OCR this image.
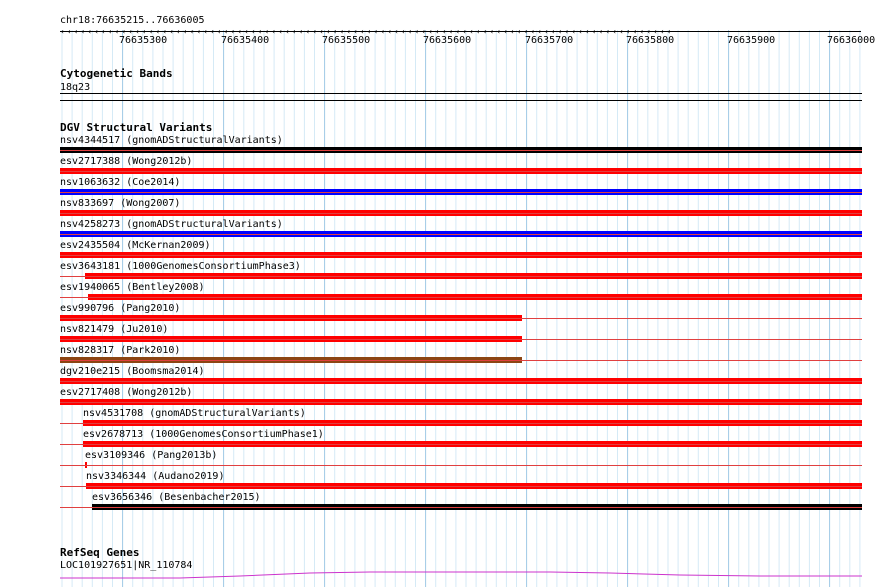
chr18:76635215..76636005
‹‹‹‹‹‹‹‹‹‹‹‹‹‹‹‹‹‹‹‹‹‹‹‹‹‹‹‹‹‹‹‹‹‹‹‹‹‹‹‹‹‹‹‹‹‹‹‹‹‹‹‹‹‹‹‹‹‹‹‹‹‹‹‹‹‹‹‹‹‹‹‹‹‹‹‹‹‹‹‹‹‹‹‹‹‹‹‹‹‹
76635300	76635400	76635500	76635600	76635700	76635800	76635900	76636000
Cytogenetic Bands
18q23
DGV Structural Variants
nsv4344517 (gnomADStructuralVariants)
esv2717388 (Wong2012b)
nsv1063632 (Coe2014)
nsv833697 (Wong2007)
nsv4258273 (gnomADStructuralVariants)
esv2435504 (McKernan2009)
esv3643181 (1000GenomesConsortiumPhase3)
esv1940065 (Bentley2008)
esv990796 (Pang2010)
nsv821479 (Ju2010)
nsv828317 (Park2010)
dgv210e215 (Boomsma2014)
esv2717408 (Wong2012b)
nsv4531708 (gnomADStructuralVariants)
esv2678713 (1000GenomesConsortiumPhase1)
esv3109346 (Pang2013b)
nsv3346344 (Audano2019)
esv3656346 (Besenbacher2015)
RefSeq Genes
LOC101927651|NR_110784
